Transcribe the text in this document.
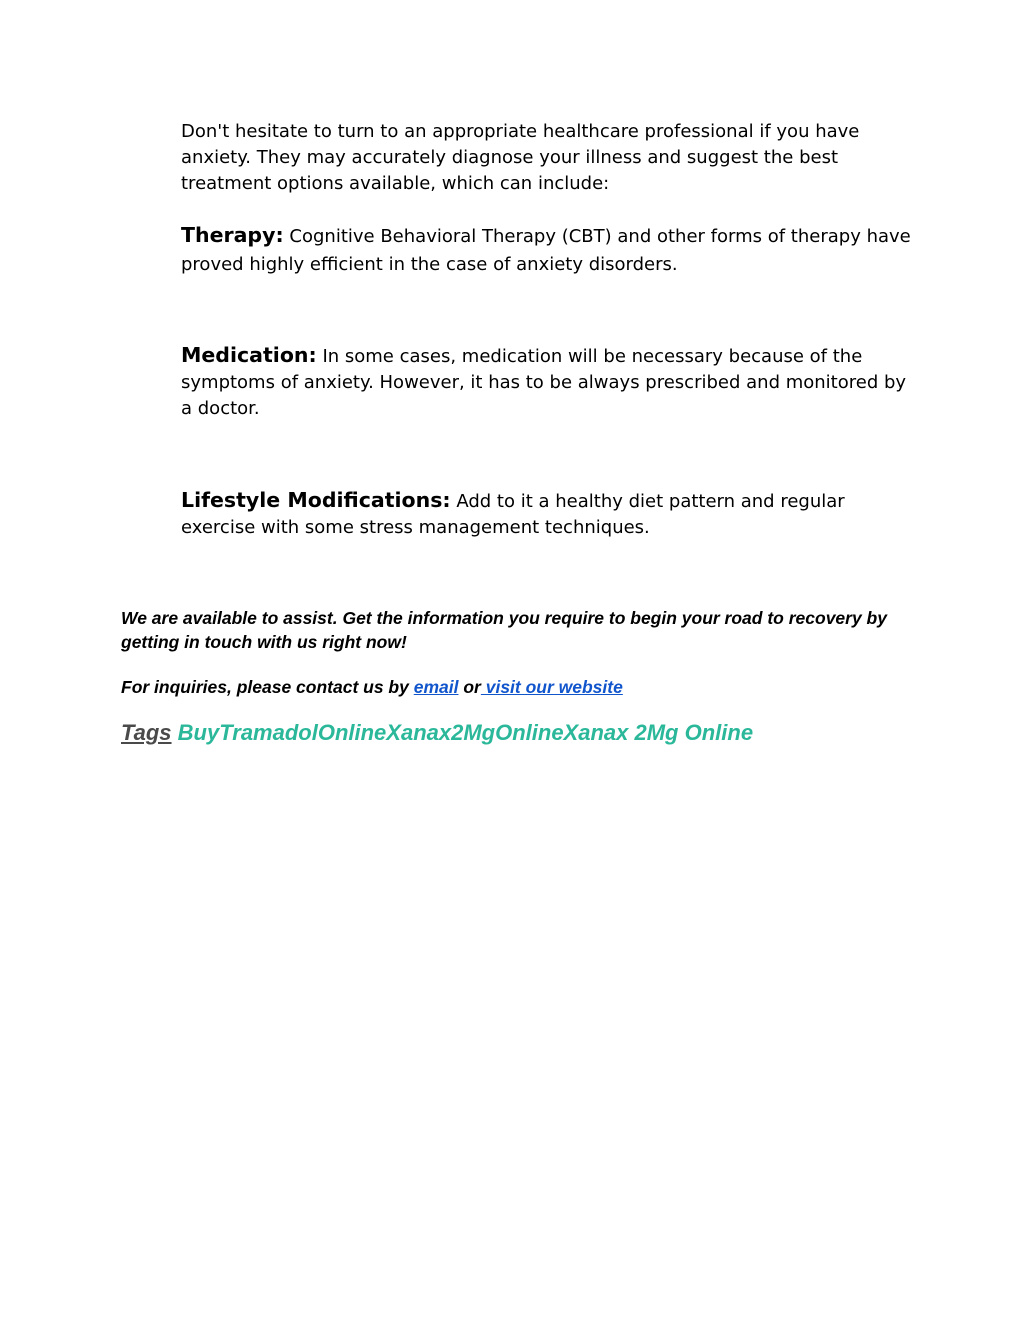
Don't hesitate to turn to an appropriate healthcare professional if you have anxiety. They may accurately diagnose your illness and suggest the best treatment options available, which can include:

Therapy: Cognitive Behavioral Therapy (CBT) and other forms of therapy have proved highly efficient in the case of anxiety disorders.

Medication: In some cases, medication will be necessary because of the symptoms of anxiety. However, it has to be always prescribed and monitored by a doctor.

Lifestyle Modifications: Add to it a healthy diet pattern and regular exercise with some stress management techniques.

We are available to assist. Get the information you require to begin your road to recovery by getting in touch with us right now!

For inquiries, please contact us by email or visit our website

Tags BuyTramadolOnlineXanax2MgOnlineXanax 2Mg Online
